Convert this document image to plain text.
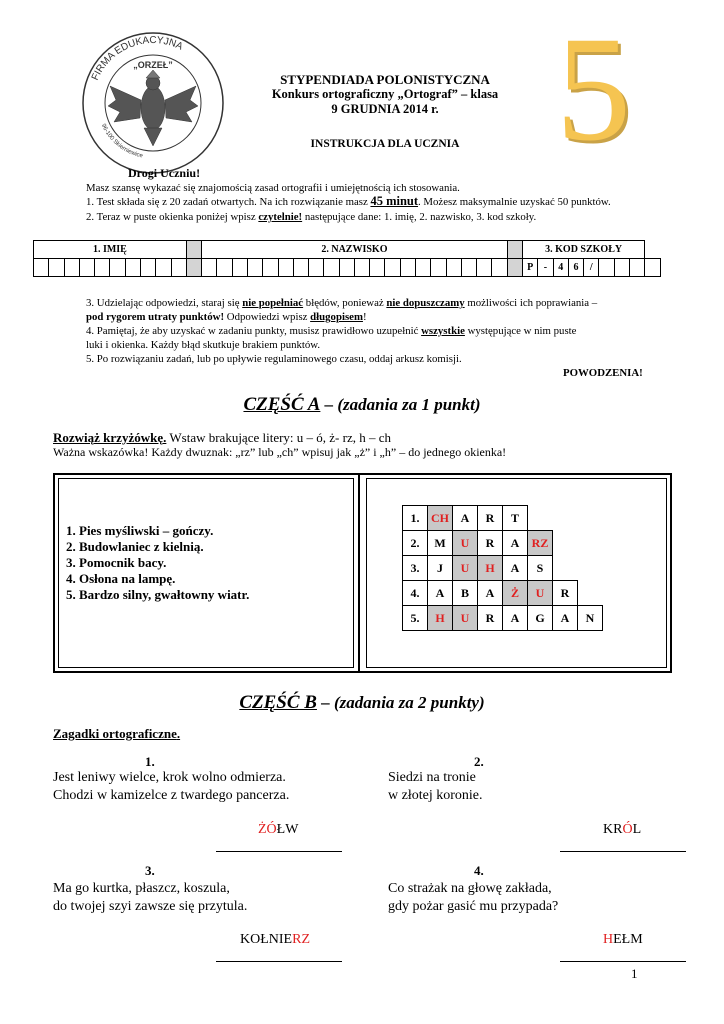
FIRMA EDUKACYJNA
96-100 Skierniewice
„ORZEŁ”	5
STYPENDIADA POLONISTYCZNA
Konkurs ortograficzny „Ortograf” – klasa
9 GRUDNIA 2014 r.
INSTRUKCJA DLA UCZNIA
Drogi Uczniu!
Masz szansę wykazać się znajomością zasad ortografii i umiejętnością ich stosowania.
1. Test składa się z 20 zadań otwartych. Na ich rozwiązanie masz 45 minut. Możesz maksymalnie uzyskać 50 punktów.
2. Teraz w puste okienka poniżej wpisz czytelnie! następujące dane: 1. imię, 2. nazwisko, 3. kod szkoły.
1. IMIĘ											2. NAZWISKO																					3. KOD SZKOŁY								
																																P	-	4	6	/				
3. Udzielając odpowiedzi, staraj się nie popełniać błędów, ponieważ nie dopuszczamy możliwości ich poprawiania –
pod rygorem utraty punktów! Odpowiedzi wpisz długopisem!
4. Pamiętaj, że aby uzyskać w zadaniu punkty, musisz prawidłowo uzupełnić wszystkie występujące w nim puste
luki i okienka. Każdy błąd skutkuje brakiem punktów.
5. Po rozwiązaniu zadań, lub po upływie regulaminowego czasu, oddaj arkusz komisji.
POWODZENIA!
CZĘŚĆ A – (zadania za 1 punkt)
Rozwiąż krzyżówkę. Wstaw brakujące litery: u – ó, ż- rz, h – ch
Ważna wskazówka! Każdy dwuznak: „rz” lub „ch” wpisuj jak „ż” i „h” – do jednego okienka!
1. Pies myśliwski – gończy.
2. Budowlaniec z kielnią.
3. Pomocnik bacy.
4. Osłona na lampę.
5. Bardzo silny, gwałtowny wiatr.
1.	CH	A	R	T			
2.	M	U	R	A	RZ		
3.	J	U	H	A	S		
4.	A	B	A	Ż	U	R	
5.	H	U	R	A	G	A	N
CZĘŚĆ B – (zadania za 2 punkty)
Zagadki ortograficzne.
1.
Jest leniwy wielce, krok wolno odmierza.
Chodzi w kamizelce z twardego pancerza.
ŻÓŁW
2.
Siedzi na tronie
w złotej koronie.
KRÓL
3.
Ma go kurtka, płaszcz, koszula,
do twojej szyi zawsze się przytula.
KOŁNIERZ
4.
Co strażak na głowę zakłada,
gdy pożar gasić mu przypada?
HEŁM
1
